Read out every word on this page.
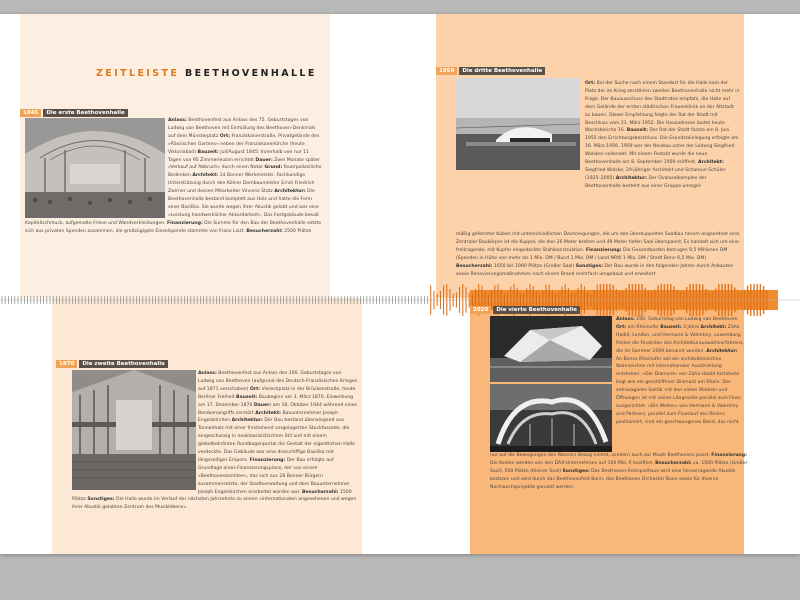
ZEITLEISTE BEETHOVENHALLE
1845	Die erste Beethovenhalle
Anlass: Beethovenfest aus Anlass des 75. Geburtstages von Ludwig van Beethoven mit Einhüllung des Beethoven-Denkmals auf dem Münsterplatz Ort: Franziskanerstraße, Privatgelände des »Rässischen Gartens« neben der Franziskanerkirche (heute Viktoriabad) Bauzeit: Juli/August 1845: Innerhalb von nur 11 Tagen von 95 Zimmerleuten errichtet Dauer: Zwei Monate später »Verkauf auf Abbruch« durch einen Notar Grund: feuerpolizeiliche Bedenken Architekt: 14 Bonner Werkmeister. Fachkundige Unterstützung durch den Kölner Dombaumeister Ernst Friedrich Zwirner und dessen Mitarbeiter Vincenz Statz Architektur: Die Beethovenhalle bestand komplett aus Holz und hatte die Form einer Basilika. Sie wurde wegen ihrer Akustik gelobt und war eine »Leistung handwerklicher Akkordarbeit«. Das Festgebäude besaß
Kapitellschmuck, aufgemalte Friese und Wandverkleidungen. Finanzierung: Die Summe für den Bau der Beethovenhalle setzte sich aus privaten Spenden zusammen, die großzügigste Einzelspende stammte von Franz Liszt. Besucherzahl: 2500 Plätze
1870	Die zweite Beethovenhalle
Anlass: Beethovenfest aus Anlass des 100. Geburtstages von Ludwig van Beethoven (aufgrund des Deutsch-Französischen Krieges auf 1871 verschoben) Ort: Viereckplatz in der Brückenstraße, heute Berliner Freiheit Bauzeit: Baubeginn am 3. März 1870, Einweihung am 17. Dezember 1870 Dauer: am 18. Oktober 1944 während eines Bombenangriffs zerstört Architekt: Bauunternehmer Joseph Engelskirchen Architektur: Der Bau bestand überwiegend aus Tannenholz mit einer freistehend vorgelagerten Stuckfassade, die eingeschossig in neoklassizistischem Stil und mit einem giebelbekrönten Rundbogenportal die Gestalt der eigentlichen Halle verdeckte. Das Gebäude war eine dreischiffige Basilika mit längsseitiger Empore. Finanzierung: Der Bau erfolgte auf Grundlage eines Finanzierungsplans, der von einem »Beethovenkomitee«, das sich aus 28 Bonner Bürgern zusammensetzte, der Stadtverwaltung und dem Bauunternehmer Joseph Engelskirchen erarbeitet worden war. Besucherzahl: 1500
Plätze Sonstiges: Die Halle wurde im Verlauf der nächsten Jahrzehnte zu einem »internationalen angesehenen und wegen ihrer Akustik gelobten Zentrum des Musiklebens«.
1959	Die dritte Beethovenhalle
Ort: Bei der Suche nach einem Standort für die Halle kam der Platz der im Krieg zerstörten zweiten Beethovenhalle nicht mehr in Frage. Der Bauausschuss des Stadtrates empfahl, die Halle auf dem Gelände der ersten städtischen Frauenklinik an der Altstadt zu bauen. Dieser Empfehlung folgte der Rat der Stadt mit Beschluss vom 21. März 1952. Die Hausadresse lautet heute Wachsbleiche 16. Bauzeit: Der Rat der Stadt fasste am 8. Juni 1955 den Errichtungsbeschluss. Die Grundsteinlegung erfolgte am 16. März 1956. 1959 war der Neubau unter der Leitung Siegfried Wolskes vollendet. Mit einem Festakt wurde die neue Beethovenhalle am 8. September 1959 eröffnet. Architekt: Siegfried Wolske, 29-jähriger Architekt und Scharoun-Schüler (1925–2005) Architektur: Der Ovalsaalkomplex der Beethovenhalle besteht aus einer Gruppe unregel-
mäßig geformter Kuben mit unterschiedlichen Dachneigungen, die um den überkuppelten Saalbau herum angeordnet sind. Zentraler Baukörper ist die Kuppel, die den 26 Meter breiten und 49 Meter tiefen Saal überspannt. Es handelt sich um eine freitragende, mit Kupfer eingedeckte Stahlkonstruktion. Finanzierung: Die Gesamtkosten betrugen 9,5 Millionen DM (Spenden in Höhe von mehr als 1 Mio. DM / Bund 1 Mio. DM / Land NRW 1 Mio. DM / Stadt Bonn 6,5 Mio. DM) Besucherzahl: 1650 bis 1980 Plätze (Großer Saal) Sonstiges: Der Bau wurde in den folgenden Jahren durch Anbauten sowie Renovierungsmaßnahmen nach einem Brand mehrfach umgebaut und erweitert.
2020	Die vierte Beethovenhalle
Anlass: 250. Geburtstag von Ludwig van Beethoven Ort: am Rheinufer Bauzeit: 3 Jahre Architekt: Zaha Hadid, London, und Hermann & Valentiny, Luxemburg, freilen die Finalisten des Architekturauswahlverfahrens, die im Sommer 2009 benannt wurden. Architektur: An Bonns Rheinufer soll ein architektonisches Wahrzeichen mit internationaler Ausstrahlung entstehen: »Der Diamant« von Zaha Hadid Architects liegt wie ein geschliffener Diamant am Rhein. Der extravagante Solitär mit den vielen Winkeln und Öffnungen ist mit seiner Längsseite parallel zum Fluss ausgerichtet. »Die Wellen« von Hermann & Valentiny and Partners, parallel zum Flusslauf des Rheins positioniert, sind ein geschwungenes Band, das nicht
nur auf die Bewegungen des Wassers Bezug nimmt, sondern auch zur Musik Beethovens passt. Finanzierung: Die Kosten werden von den DAX-Unternehmen auf 100 Mio. € beziffert. Besucherzahl: ca. 1500 Plätze (Großer Saal), 500 Plätze (Kleiner Saal) Sonstiges: Das Beethoven-Festspielhaus wird eine hervorragende Akustik besitzen und wird durch das Beethovenfest Bonn, das Beethoven Orchester Bonn sowie für diverse Nachwuchsprojekte genutzt werden.
